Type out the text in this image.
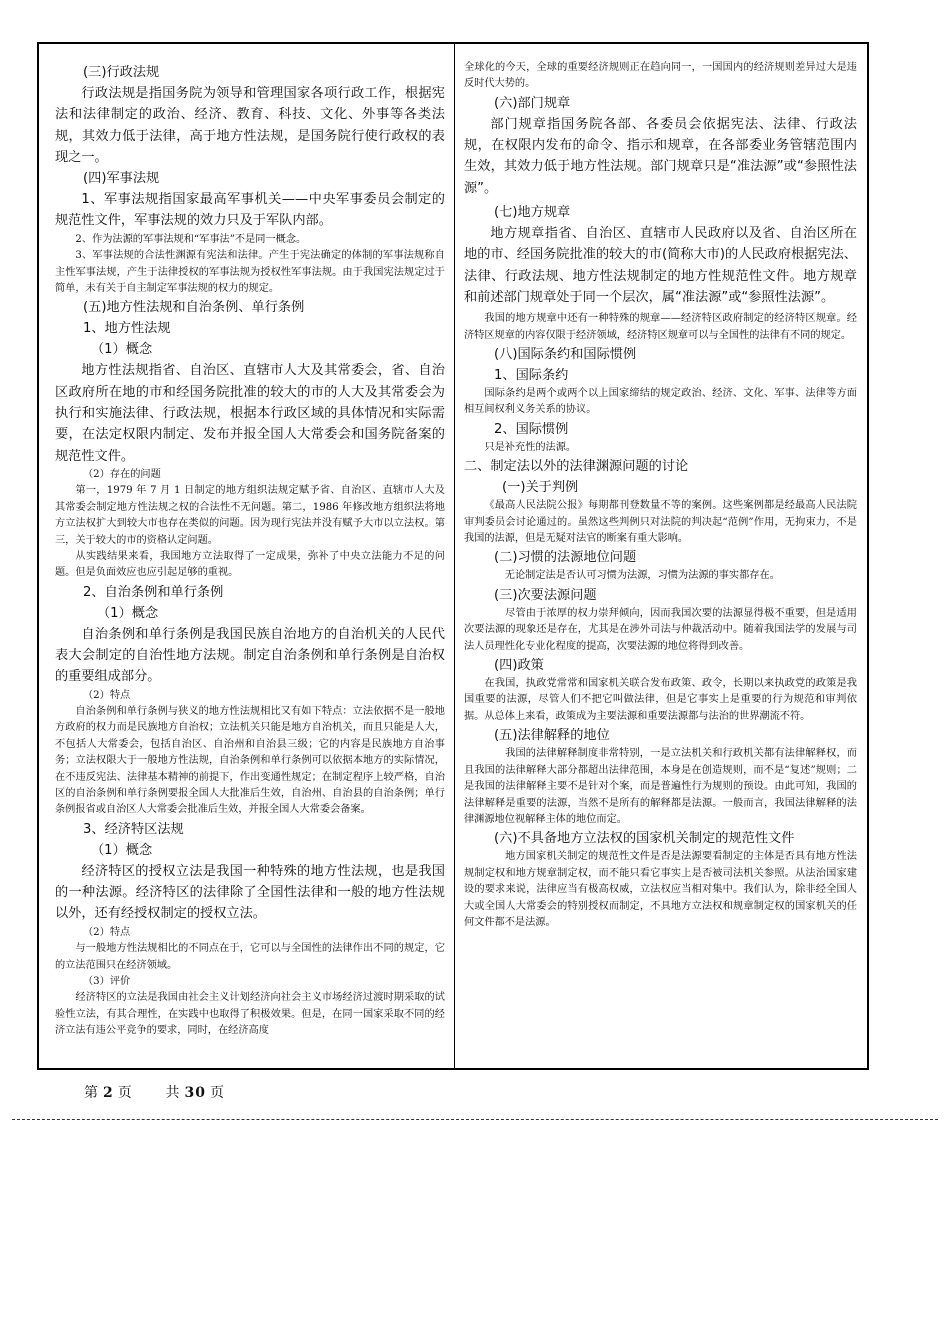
(三)行政法规

行政法规是指国务院为领导和管理国家各项行政工作，根据宪法和法律制定的政治、经济、教育、科技、文化、外事等各类法规，其效力低于法律，高于地方性法规，是国务院行使行政权的表现之一。

(四)军事法规

1、军事法规指国家最高军事机关——中央军事委员会制定的规范性文件，军事法规的效力只及于军队内部。

2、作为法源的军事法规和“军事法”不是同一概念。

3、军事法规的合法性渊源有宪法和法律。产生于宪法确定的体制的军事法规称自主性军事法规，产生于法律授权的军事法规为授权性军事法规。由于我国宪法规定过于简单，未有关于自主制定军事法规的权力的规定。

(五)地方性法规和自治条例、单行条例

1、地方性法规

（1）概念

地方性法规指省、自治区、直辖市人大及其常委会，省、自治区政府所在地的市和经国务院批准的较大的市的人大及其常委会为执行和实施法律、行政法规，根据本行政区域的具体情况和实际需要，在法定权限内制定、发布并报全国人大常委会和国务院备案的规范性文件。

（2）存在的问题

第一，1979 年 7 月 1 日制定的地方组织法规定赋予省、自治区、直辖市人大及其常委会制定地方性法规之权的合法性不无问题。第二，1986 年修改地方组织法将地方立法权扩大到较大市也存在类似的问题。因为现行宪法并没有赋予大市以立法权。第三，关于较大的市的资格认定问题。

从实践结果来看，我国地方立法取得了一定成果，弥补了中央立法能力不足的问题。但是负面效应也应引起足够的重视。

2、自治条例和单行条例

（1）概念

自治条例和单行条例是我国民族自治地方的自治机关的人民代表大会制定的自治性地方法规。制定自治条例和单行条例是自治权的重要组成部分。

（2）特点

自治条例和单行条例与狭义的地方性法规相比又有如下特点：立法依据不是一般地方政府的权力而是民族地方自治权；立法机关只能是地方自治机关，而且只能是人大，不包括人大常委会，包括自治区、自治州和自治县三级；它的内容是民族地方自治事务；立法权限大于一般地方性法规，自治条例和单行条例可以依据本地方的实际情况，在不违反宪法、法律基本精神的前提下，作出变通性规定；在制定程序上较严格，自治区的自治条例和单行条例要报全国人大批准后生效，自治州、自治县的自治条例；单行条例报省或自治区人大常委会批准后生效，并报全国人大常委会备案。

3、经济特区法规

（1）概念

经济特区的授权立法是我国一种特殊的地方性法规，也是我国的一种法源。经济特区的法律除了全国性法律和一般的地方性法规以外，还有经授权制定的授权立法。

（2）特点

与一般地方性法规相比的不同点在于，它可以与全国性的法律作出不同的规定，它的立法范围只在经济领域。

（3）评价

经济特区的立法是我国由社会主义计划经济向社会主义市场经济过渡时期采取的试验性立法，有其合理性，在实践中也取得了积极效果。但是，在同一国家采取不同的经济立法有违公平竞争的要求，同时，在经济高度

全球化的今天，全球的重要经济规则正在趋向同一，一国国内的经济规则差异过大是违反时代大势的。

(六)部门规章

部门规章指国务院各部、各委员会依据宪法、法律、行政法规，在权限内发布的命令、指示和规章，在各部委业务管辖范围内生效，其效力低于地方性法规。部门规章只是“准法源”或“参照性法源”。

(七)地方规章

地方规章指省、自治区、直辖市人民政府以及省、自治区所在地的市、经国务院批准的较大的市(简称大市)的人民政府根据宪法、法律、行政法规、地方性法规制定的地方性规范性文件。地方规章和前述部门规章处于同一个层次，属“准法源”或“参照性法源”。

我国的地方规章中还有一种特殊的规章——经济特区政府制定的经济特区规章。经济特区规章的内容仅限于经济领域，经济特区规章可以与全国性的法律有不同的规定。

(八)国际条约和国际惯例

1、国际条约

国际条约是两个或两个以上国家缔结的规定政治、经济、文化、军事、法律等方面相互间权利义务关系的协议。

2、国际惯例

只是补充性的法源。

二、制定法以外的法律渊源问题的讨论

(一)关于判例

《最高人民法院公报》每期都刊登数量不等的案例。这些案例都是经最高人民法院审判委员会讨论通过的。虽然这些判例只对法院的判决起“范例”作用，无拘束力，不是我国的法源，但是无疑对法官的断案有重大影响。

(二)习惯的法源地位问题

　　无论制定法是否认可习惯为法源，习惯为法源的事实都存在。

(三)次要法源问题

　　尽管由于浓厚的权力崇拜倾向，因而我国次要的法源显得极不重要，但是适用次要法源的现象还是存在，尤其是在涉外司法与仲裁活动中。随着我国法学的发展与司法人员理性化专业化程度的提高，次要法源的地位将得到改善。

(四)政策

在我国，执政党常常和国家机关联合发布政策、政令，长期以来执政党的政策是我国重要的法源，尽管人们不把它叫做法律，但是它事实上是重要的行为规范和审判依据。从总体上来看，政策成为主要法源和重要法源都与法治的世界潮流不符。

(五)法律解释的地位

　　我国的法律解释制度非常特别，一是立法机关和行政机关都有法律解释权，而且我国的法律解释大部分都超出法律范围，本身是在创造规则，而不是“复述”规则；二是我国的法律解释主要不是针对个案，而是普遍性行为规则的预设。由此可知，我国的法律解释是重要的法源，当然不是所有的解释都是法源。一般而言，我国法律解释的法律渊源地位视解释主体的地位而定。

(六)不具备地方立法权的国家机关制定的规范性文件

　　地方国家机关制定的规范性文件是否是法源要看制定的主体是否具有地方性法规制定权和地方规章制定权，而不能只看它事实上是否被司法机关参照。从法治国家建设的要求来说，法律应当有极高权威，立法权应当相对集中。我们认为，除非经全国人大或全国人大常委会的特别授权而制定，不具地方立法权和规章制定权的国家机关的任何文件都不是法源。

第 2 页 共 30 页
